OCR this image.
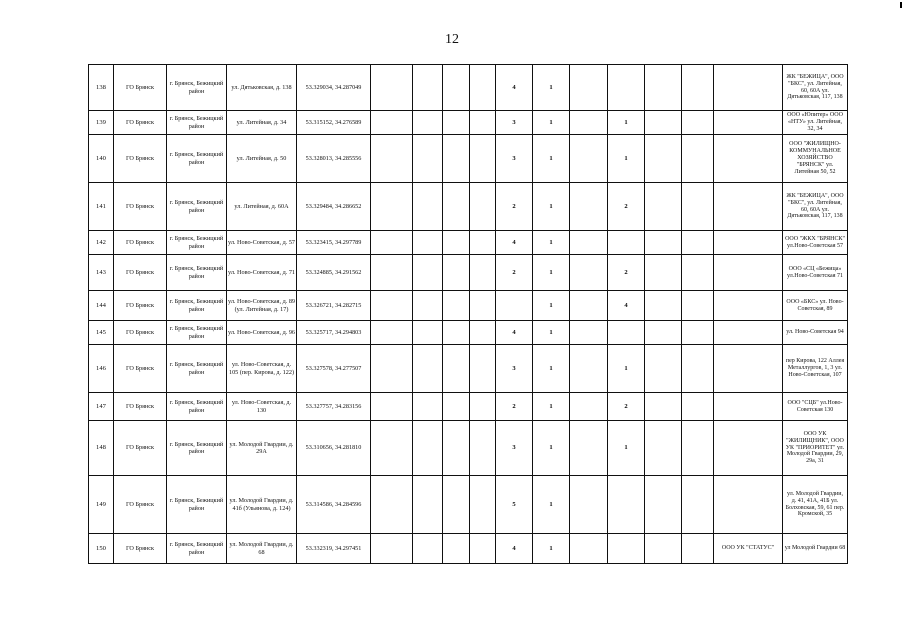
12
138	ГО Брянск	г. Брянск, Бежицкий район	ул. Дятьковская, д. 138	53.329034, 34.287049					4	1						ЖК "БЕЖИЦА", ООО "БКС", ул. Литейная, 60, 60А ул. Дятьковская, 117, 138
139	ГО Брянск	г. Брянск, Бежицкий район	ул. Литейная, д. 34	53.315152, 34.276589					3	1		1				ООО «Юпитер» ООО «НТУ» ул. Литейная, 32, 34
140	ГО Брянск	г. Брянск, Бежицкий район	ул. Литейная, д. 50	53.328013, 34.285556					3	1		1				ООО "ЖИЛИЩНО-КОММУНАЛЬНОЕ ХОЗЯЙСТВО "БРЯНСК" ул. Литейная 50, 52
141	ГО Брянск	г. Брянск, Бежицкий район	ул. Литейная, д. 60А	53.329484, 34.286652					2	1		2				ЖК "БЕЖИЦА", ООО "БКС", ул. Литейная, 60, 60А ул. Дятьковская, 117, 138
142	ГО Брянск	г. Брянск, Бежицкий район	ул. Ново-Советская, д. 57	53.323415, 34.297789					4	1						ООО "ЖКХ "БРЯНСК" ул.Ново-Советская 57
143	ГО Брянск	г. Брянск, Бежицкий район	ул. Ново-Советская, д. 71	53.324885, 34.291562					2	1		2				ООО «СЦ «Бежица» ул.Ново-Советская 71
144	ГО Брянск	г. Брянск, Бежицкий район	ул. Ново-Советская, д. 89 (ул. Литейная, д. 17)	53.326721, 34.282715						1		4				ООО «БКС» ул. Ново-Советская, 89
145	ГО Брянск	г. Брянск, Бежицкий район	ул. Ново-Советская, д. 96	53.325717, 34.294803					4	1						ул. Ново-Советская 94
146	ГО Брянск	г. Брянск, Бежицкий район	ул. Ново-Советская, д. 105 (пер. Кирова, д. 122)	53.327578, 34.277507					3	1		1				пер Кирова, 122 Аллея Металлургов, 1, 3 ул. Ново-Советская, 107
147	ГО Брянск	г. Брянск, Бежицкий район	ул. Ново-Советская, д. 130	53.327757, 34.283156					2	1		2				ООО "СЦБ" ул.Ново-Советская 130
148	ГО Брянск	г. Брянск, Бежицкий район	ул. Молодой Гвардии, д. 29А	53.310656, 34.281810					3	1		1				ООО УК "ЖИЛИЩНИК", ООО УК "ПРИОРИТЕТ" ул. Молодой Гвардии, 29, 29а, 31
149	ГО Брянск	г. Брянск, Бежицкий район	ул. Молодой Гвардии, д. 41б (Ульянова, д. 124)	53.314586, 34.284596					5	1						ул. Молодой Гвардии, д. 41, 41А, 41Б ул. Болховская, 59, 61 пер. Кромской, 35
150	ГО Брянск	г. Брянск, Бежицкий район	ул. Молодой Гвардии, д. 68	53.332319, 34.297451					4	1					ООО УК "СТАТУС"	ул Молодой Гвардии 68
